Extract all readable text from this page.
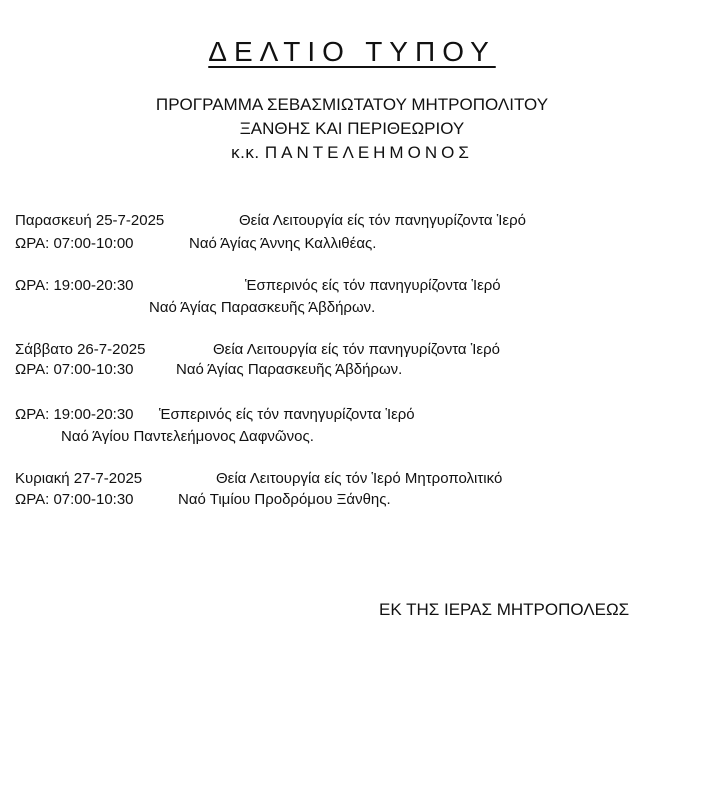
ΔΕΛΤΙΟ ΤΥΠΟΥ
ΠΡΟΓΡΑΜΜΑ ΣΕΒΑΣΜΙΩΤΑΤΟΥ ΜΗΤΡΟΠΟΛΙΤΟΥ
ΞΑΝΘΗΣ ΚΑΙ ΠΕΡΙΘΕΩΡΙΟΥ
κ.κ. ΠΑΝΤΕΛΕΗΜΟΝΟΣ
Παρασκευή 25-7-2025	Θεία Λειτουργία είς τόν πανηγυρίζοντα Ἱερό
ΩΡΑ: 07:00-10:00	Ναό Άγίας Άννης Καλλιθέας.
ΩΡΑ: 19:00-20:30	Ἑσπερινός είς τόν πανηγυρίζοντα Ἱερό
Ναό Άγίας Παρασκευῆς Άβδήρων.
Σάββατο 26-7-2025	Θεία Λειτουργία είς τόν πανηγυρίζοντα Ἱερό
ΩΡΑ: 07:00-10:30	Ναό Άγίας Παρασκευῆς Άβδήρων.
ΩΡΑ: 19:00-20:30 Ἑσπερινός είς τόν πανηγυρίζοντα Ἱερό
Ναό Άγίου Παντελεήμονος Δαφνῶνος.
Κυριακή 27-7-2025	Θεία Λειτουργία είς τόν Ἱερό Μητροπολιτικό
ΩΡΑ: 07:00-10:30	Ναό Τιμίου Προδρόμου Ξάνθης.
ΕΚ ΤΗΣ ΙΕΡΑΣ ΜΗΤΡΟΠΟΛΕΩΣ
